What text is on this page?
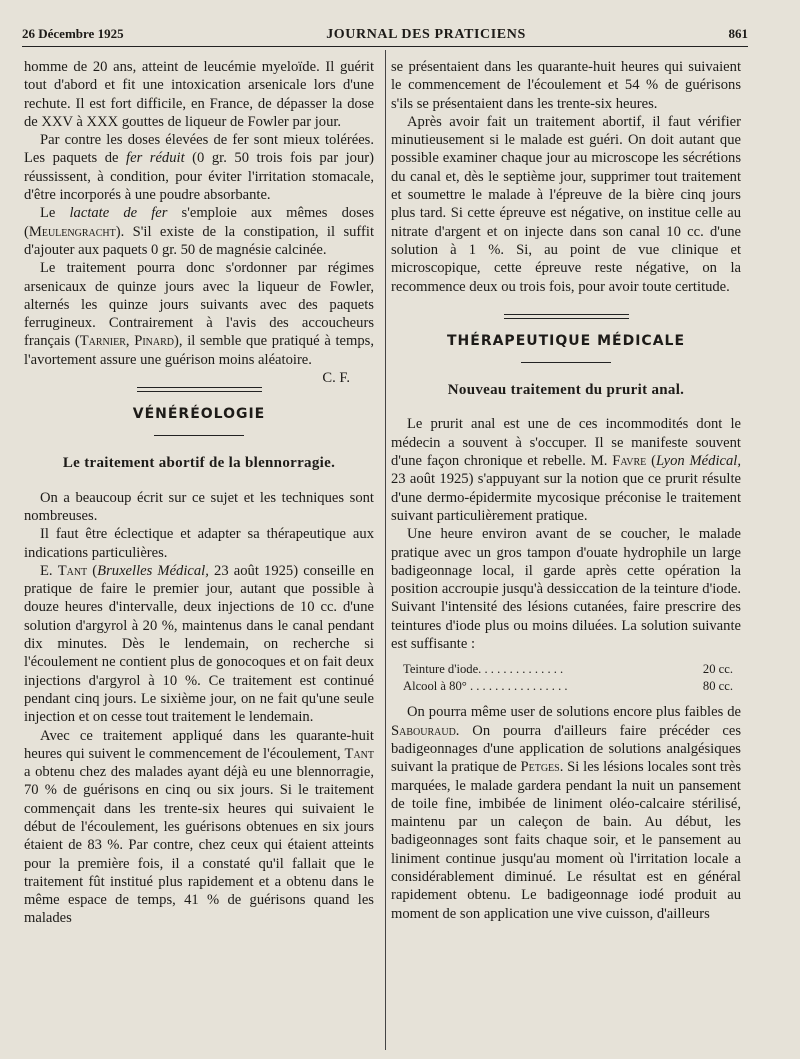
26 Décembre 1925	JOURNAL DES PRATICIENS	861

homme de 20 ans, atteint de leucémie myeloïde. Il guérit tout d'abord et fit une intoxication arsenicale lors d'une rechute. Il est fort difficile, en France, de dépasser la dose de XXV à XXX gouttes de liqueur de Fowler par jour.

Par contre les doses élevées de fer sont mieux tolérées. Les paquets de fer réduit (0 gr. 50 trois fois par jour) réussissent, à condition, pour éviter l'irritation stomacale, d'être incorporés à une poudre absorbante.

Le lactate de fer s'emploie aux mêmes doses (Meulengracht). S'il existe de la constipation, il suffit d'ajouter aux paquets 0 gr. 50 de magnésie calcinée.

Le traitement pourra donc s'ordonner par régimes arsenicaux de quinze jours avec la liqueur de Fowler, alternés les quinze jours suivants avec des paquets ferrugineux. Contrairement à l'avis des accoucheurs français (Tarnier, Pinard), il semble que pratiqué à temps, l'avortement assure une guérison moins aléatoire.
C. F.

VÉNÉRÉOLOGIE
Le traitement abortif de la blennorragie.

On a beaucoup écrit sur ce sujet et les techniques sont nombreuses.

Il faut être éclectique et adapter sa thérapeutique aux indications particulières.

E. Tant (Bruxelles Médical, 23 août 1925) conseille en pratique de faire le premier jour, autant que possible à douze heures d'intervalle, deux injections de 10 cc. d'une solution d'argyrol à 20 %, maintenus dans le canal pendant dix minutes. Dès le lendemain, on recherche si l'écoulement ne contient plus de gonocoques et on fait deux injections d'argyrol à 10 %. Ce traitement est continué pendant cinq jours. Le sixième jour, on ne fait qu'une seule injection et on cesse tout traitement le lendemain.

Avec ce traitement appliqué dans les quarante-huit heures qui suivent le commencement de l'écoulement, Tant a obtenu chez des malades ayant déjà eu une blennorragie, 70 % de guérisons en cinq ou six jours. Si le traitement commençait dans les trente-six heures qui suivaient le début de l'écoulement, les guérisons obtenues en six jours étaient de 83 %. Par contre, chez ceux qui étaient atteints pour la première fois, il a constaté qu'il fallait que le traitement fût institué plus rapidement et a obtenu dans le même espace de temps, 41 % de guérisons quand les malades

se présentaient dans les quarante-huit heures qui suivaient le commencement de l'écoulement et 54 % de guérisons s'ils se présentaient dans les trente-six heures.

Après avoir fait un traitement abortif, il faut vérifier minutieusement si le malade est guéri. On doit autant que possible examiner chaque jour au microscope les sécrétions du canal et, dès le septième jour, supprimer tout traitement et soumettre le malade à l'épreuve de la bière cinq jours plus tard. Si cette épreuve est négative, on institue celle au nitrate d'argent et on injecte dans son canal 10 cc. d'une solution à 1 %. Si, au point de vue clinique et microscopique, cette épreuve reste négative, on la recommence deux ou trois fois, pour avoir toute certitude.

THÉRAPEUTIQUE MÉDICALE
Nouveau traitement du prurit anal.

Le prurit anal est une de ces incommodités dont le médecin a souvent à s'occuper. Il se manifeste souvent d'une façon chronique et rebelle. M. Favre (Lyon Médical, 23 août 1925) s'appuyant sur la notion que ce prurit résulte d'une dermo-épidermite mycosique préconise le traitement suivant particulièrement pratique.

Une heure environ avant de se coucher, le malade pratique avec un gros tampon d'ouate hydrophile un large badigeonnage local, il garde après cette opération la position accroupie jusqu'à dessiccation de la teinture d'iode. Suivant l'intensité des lésions cutanées, faire prescrire des teintures d'iode plus ou moins diluées. La solution suivante est suffisante :

Teinture d'iode. . . . . . . . . . . . . .	20 cc.
Alcool à 80° . . . . . . . . . . . . . . . .	80 cc.

On pourra même user de solutions encore plus faibles de Sabouraud. On pourra d'ailleurs faire précéder ces badigeonnages d'une application de solutions analgésiques suivant la pratique de Petges. Si les lésions locales sont très marquées, le malade gardera pendant la nuit un pansement de toile fine, imbibée de liniment oléo-calcaire stérilisé, maintenu par un caleçon de bain. Au début, les badigeonnages sont faits chaque soir, et le pansement au liniment continue jusqu'au moment où l'irritation locale a considérablement diminué. Le résultat est en général rapidement obtenu. Le badigeonnage iodé produit au moment de son application une vive cuisson, d'ailleurs
